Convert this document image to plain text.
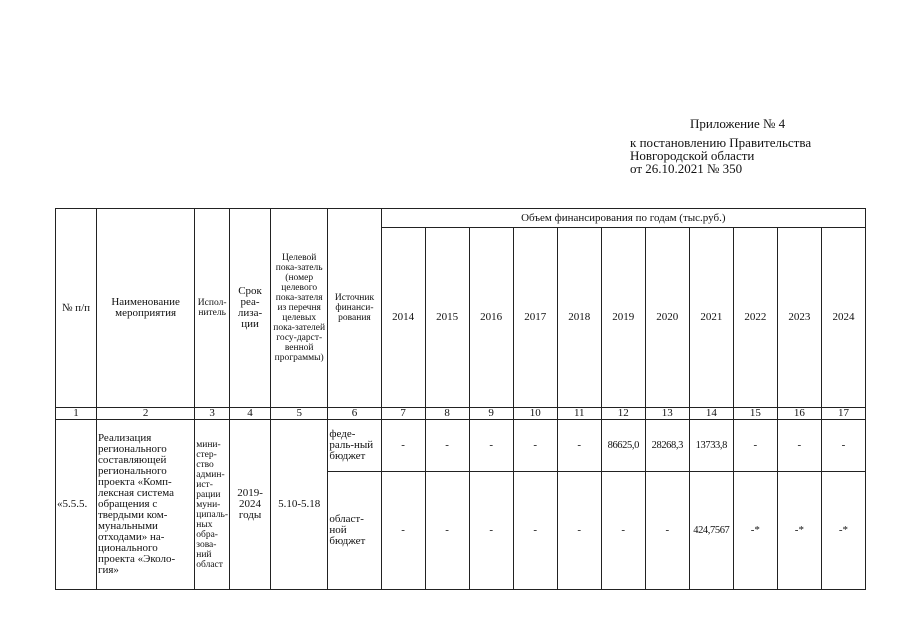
Приложение № 4
к постановлению Правительства
Новгородской области
от 26.10.2021 № 350
№ п/п	Наименование мероприятия	Испол-нитель	Срок реа-лиза-ции	Целевой пока-затель (номер целевого пока-зателя из перечня целевых пока-зателей госу-дарст-венной программы)	Источник финанси-рования	Объем финансирования по годам (тыс.руб.)										
						2014	2015	2016	2017	2018	2019	2020	2021	2022	2023	2024
1	2	3	4	5	6	7	8	9	10	11	12	13	14	15	16	17
«5.5.5.	Реализация регионального составляющей регионального проекта «Комп-лексная система обращения с твердыми ком-мунальными отходами» на-ционального проекта «Эколо-гия»	мини-стер-ство админ-ист-рации муни-ципаль-ных обра-зова-ний област	2019-2024 годы	5.10-5.18	феде-раль-ный бюджет	-	-	-	-	-	86625,0	28268,3	13733,8	-	-	-
					област-ной бюджет	-	-	-	-	-	-	-	424,7567	-*	-*	-*
